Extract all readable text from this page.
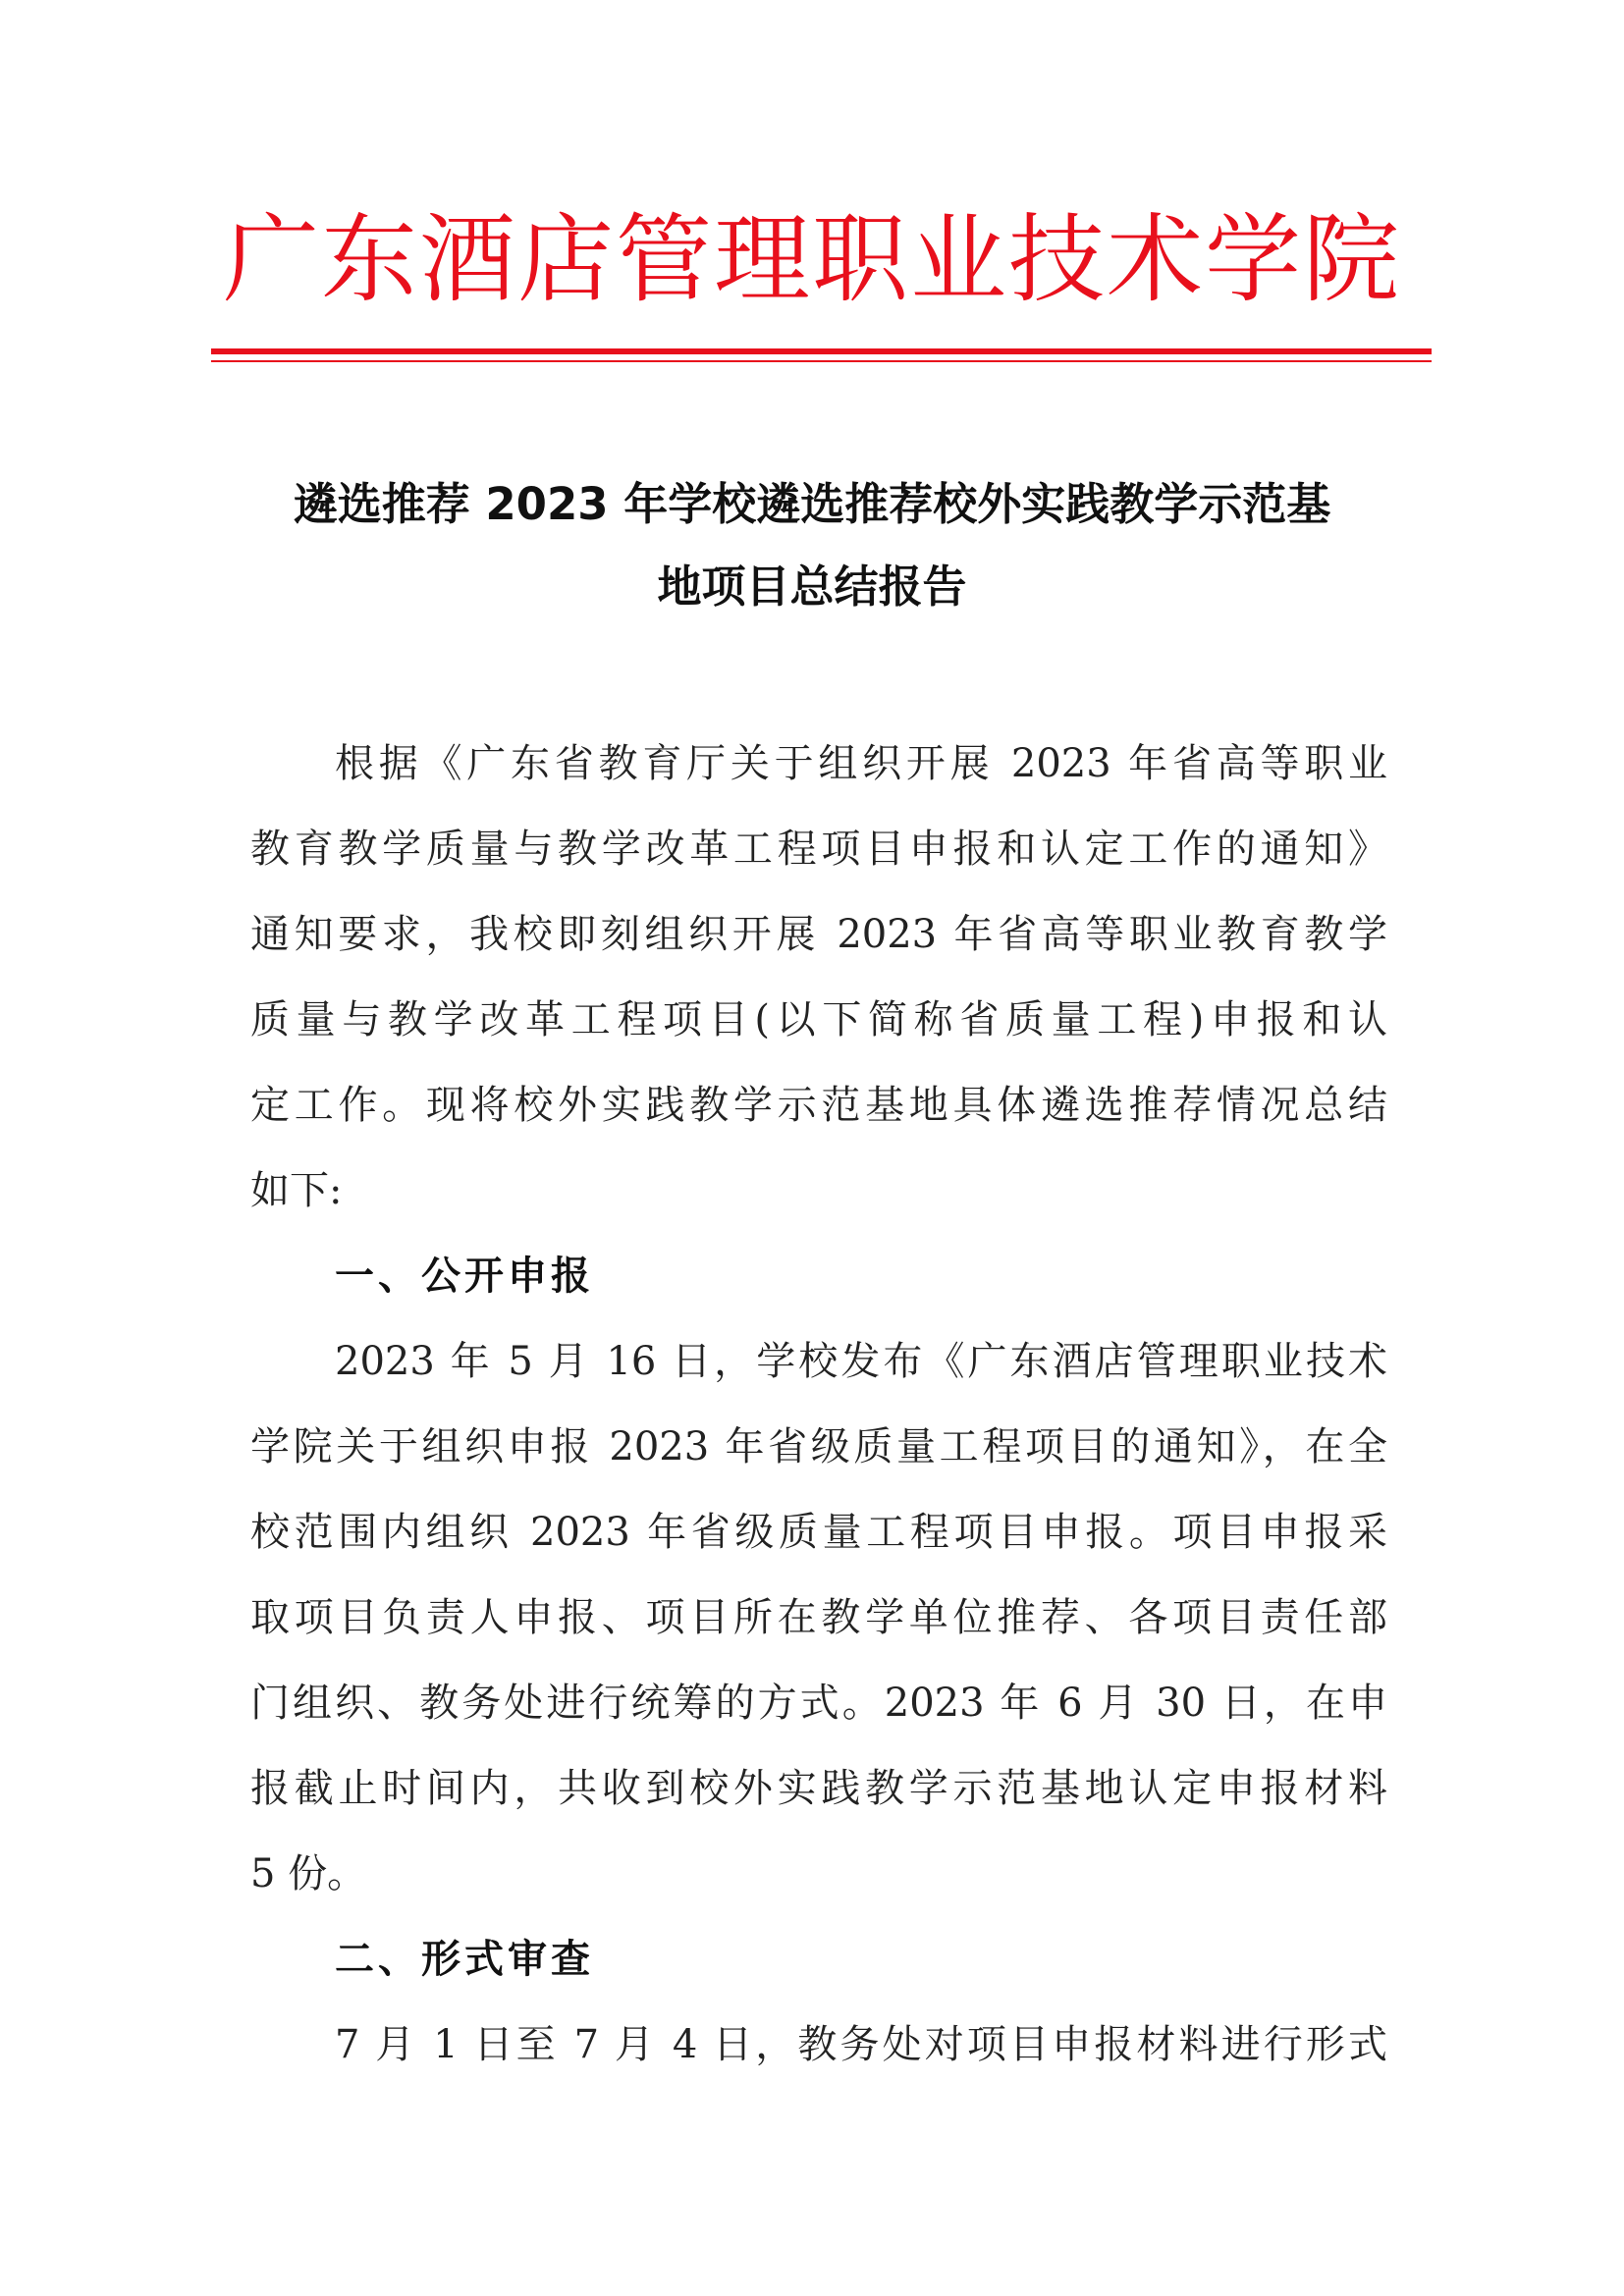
广东酒店管理职业技术学院
遴选推荐 2023 年学校遴选推荐校外实践教学示范基
地项目总结报告
根据《广东省教育厅关于组织开展 2023 年省高等职业
教育教学质量与教学改革工程项目申报和认定工作的通知》
通知要求，我校即刻组织开展 2023 年省高等职业教育教学
质量与教学改革工程项目(以下简称省质量工程)申报和认
定工作。现将校外实践教学示范基地具体遴选推荐情况总结
如下:
一、公开申报
2023 年 5 月 16 日，学校发布《广东酒店管理职业技术
学院关于组织申报 2023 年省级质量工程项目的通知》，在全
校范围内组织 2023 年省级质量工程项目申报。项目申报采
取项目负责人申报、项目所在教学单位推荐、各项目责任部
门组织、教务处进行统筹的方式。2023 年 6 月 30 日，在申
报截止时间内，共收到校外实践教学示范基地认定申报材料
5 份。
二、形式审查
7 月 1 日至 7 月 4 日，教务处对项目申报材料进行形式
